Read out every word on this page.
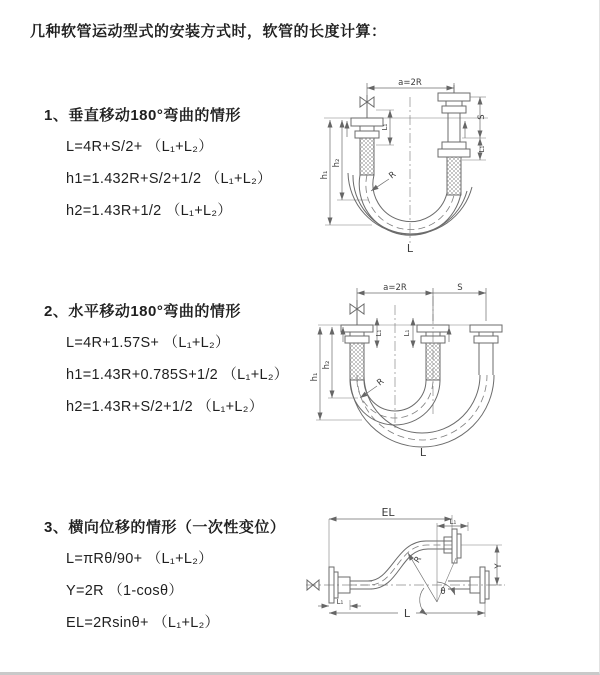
几种软管运动型式的安装方式时，软管的长度计算：
1、垂直移动180°弯曲的情形
L=4R+S/2+ （L₁+L₂）
h1=1.432R+S/2+1/2 （L₁+L₂）
h2=1.43R+1/2 （L₁+L₂）
2、水平移动180°弯曲的情形
L=4R+1.57S+ （L₁+L₂）
h1=1.43R+0.785S+1/2 （L₁+L₂）
h2=1.43R+S/2+1/2 （L₁+L₂）
3、横向位移的情形（一次性变位）
L=πRθ/90+ （L₁+L₂）
Y=2R （1-cosθ）
EL=2Rsinθ+ （L₁+L₂）
a=2R
L₁
S
L₁
h₁
h₂
R
L
a=2R	S
L₁	L₁
h₁
h₂
R
L
EL
L₁
Y
θ
R
L₁
L
